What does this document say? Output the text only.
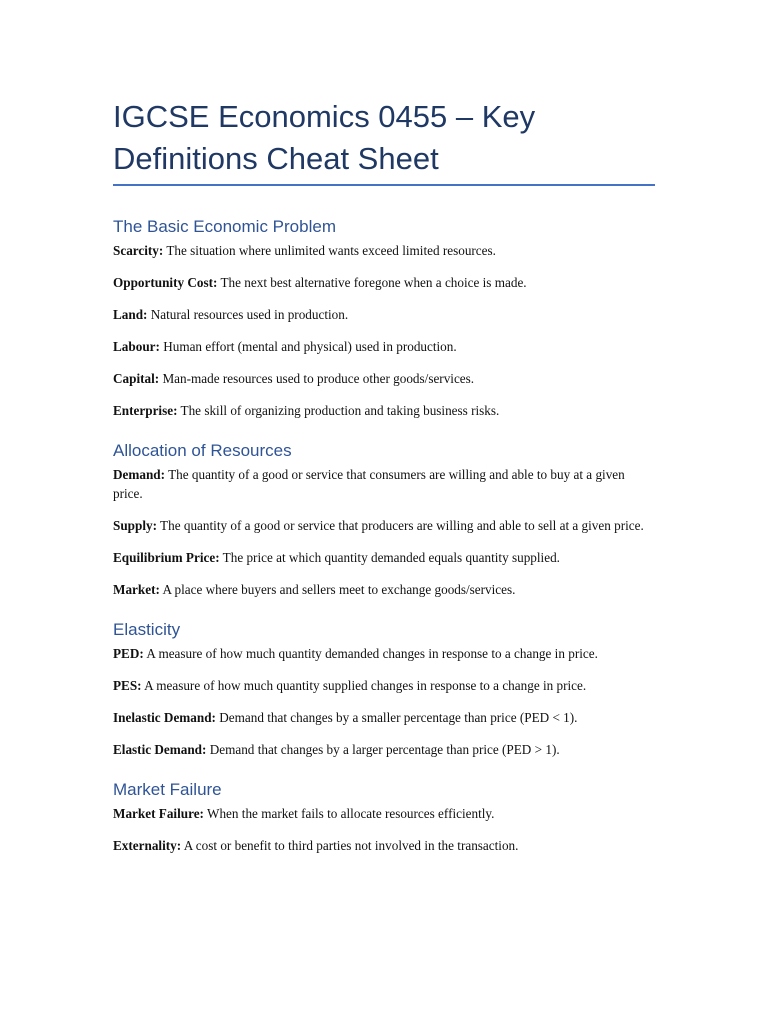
IGCSE Economics 0455 – Key Definitions Cheat Sheet
The Basic Economic Problem

Scarcity: The situation where unlimited wants exceed limited resources.

Opportunity Cost: The next best alternative foregone when a choice is made.

Land: Natural resources used in production.

Labour: Human effort (mental and physical) used in production.

Capital: Man-made resources used to produce other goods/services.

Enterprise: The skill of organizing production and taking business risks.

Allocation of Resources

Demand: The quantity of a good or service that consumers are willing and able to buy at a given price.

Supply: The quantity of a good or service that producers are willing and able to sell at a given price.

Equilibrium Price: The price at which quantity demanded equals quantity supplied.

Market: A place where buyers and sellers meet to exchange goods/services.

Elasticity

PED: A measure of how much quantity demanded changes in response to a change in price.

PES: A measure of how much quantity supplied changes in response to a change in price.

Inelastic Demand: Demand that changes by a smaller percentage than price (PED < 1).

Elastic Demand: Demand that changes by a larger percentage than price (PED > 1).

Market Failure

Market Failure: When the market fails to allocate resources efficiently.

Externality: A cost or benefit to third parties not involved in the transaction.
